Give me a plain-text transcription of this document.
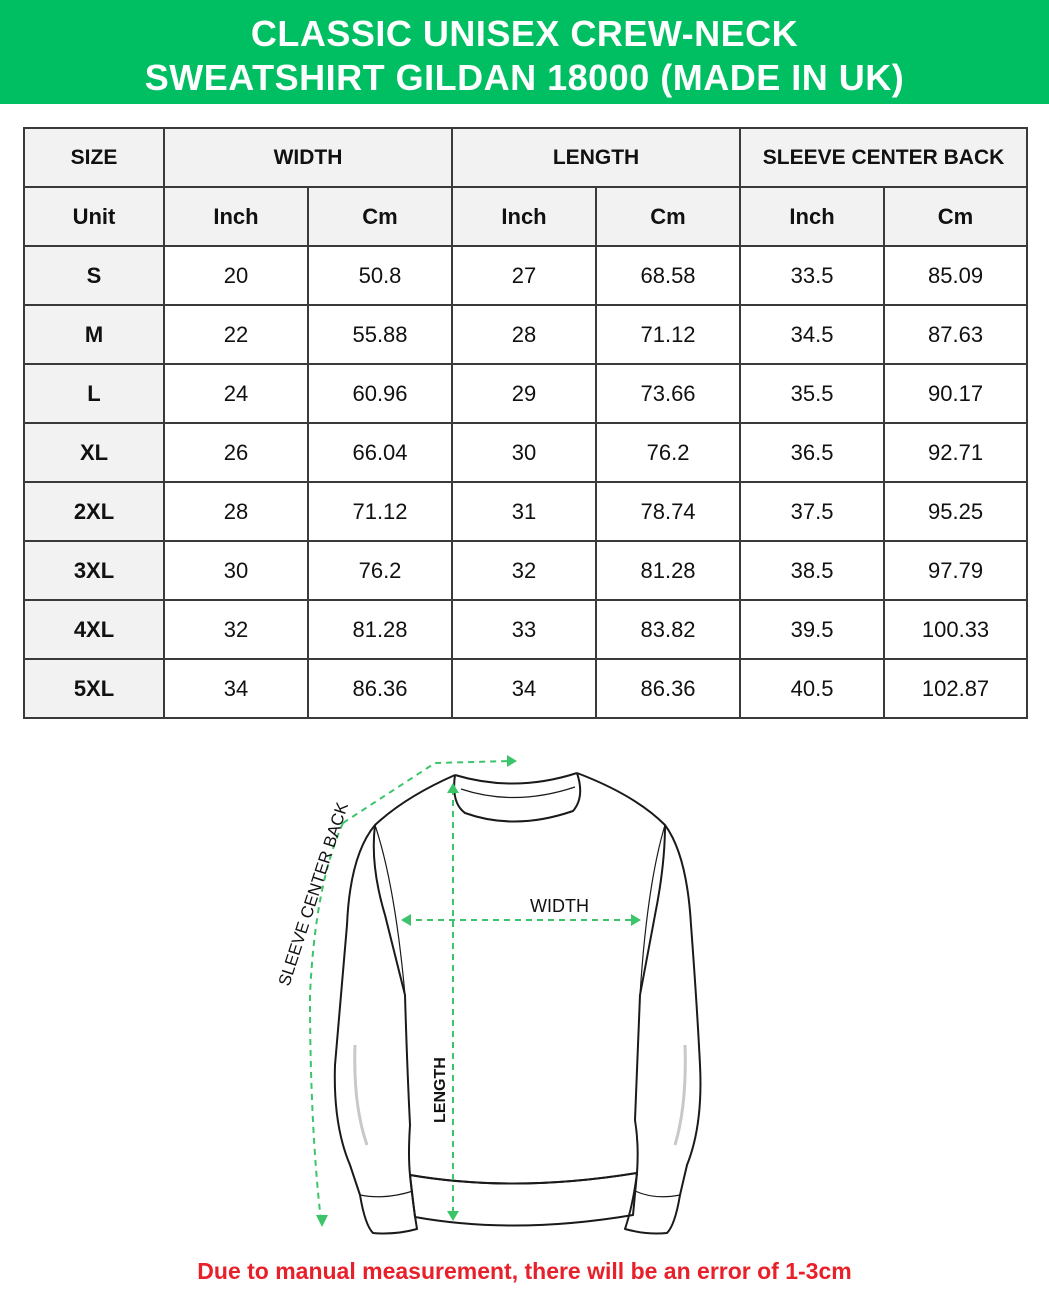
CLASSIC UNISEX CREW-NECK
SWEATSHIRT GILDAN 18000 (MADE IN UK)
SIZE	WIDTH		LENGTH		SLEEVE CENTER BACK	
Unit	Inch	Cm	Inch	Cm	Inch	Cm
S	20	50.8	27	68.58	33.5	85.09
M	22	55.88	28	71.12	34.5	87.63
L	24	60.96	29	73.66	35.5	90.17
XL	26	66.04	30	76.2	36.5	92.71
2XL	28	71.12	31	78.74	37.5	95.25
3XL	30	76.2	32	81.28	38.5	97.79
4XL	32	81.28	33	83.82	39.5	100.33
5XL	34	86.36	34	86.36	40.5	102.87
WIDTH
LENGTH
SLEEVE CENTER BACK
Due to manual measurement, there will be an error of 1-3cm
